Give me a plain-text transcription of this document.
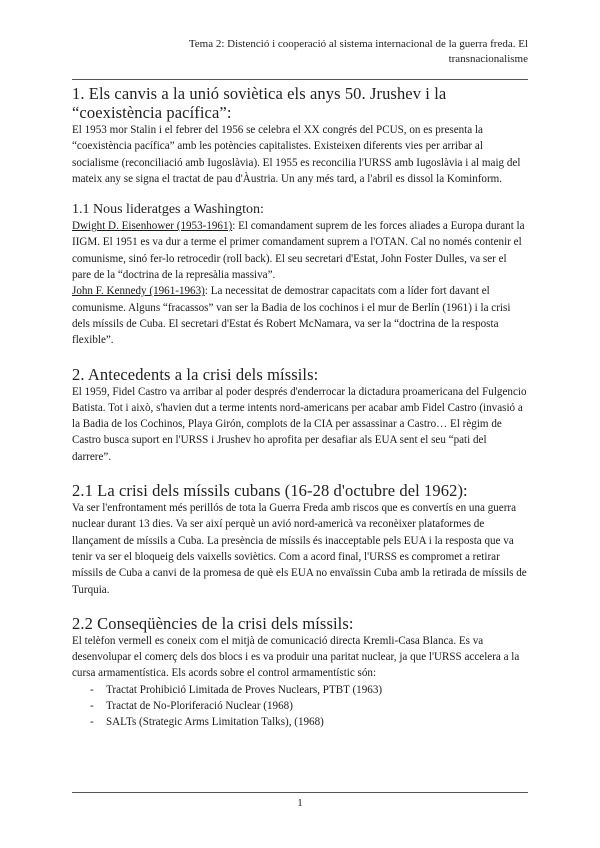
Tema 2: Distenció i cooperació al sistema internacional de la guerra freda. El transnacionalisme
1. Els canvis a la unió soviètica els anys 50. Jrushev i la “coexistència pacífica”:

El 1953 mor Stalin i el febrer del 1956 se celebra el XX congrés del PCUS, on es presenta la “coexistència pacífica” amb les potències capitalistes. Existeixen diferents vies per arribar al socialisme (reconciliació amb Iugoslàvia). El 1955 es reconcilia l'URSS amb Iugoslàvia i al maig del mateix any se signa el tractat de pau d'Àustria. Un any més tard, a l'abril es dissol la Kominform.

1.1 Nous lideratges a Washington:

Dwight D. Eisenhower (1953-1961): El comandament suprem de les forces aliades a Europa durant la IIGM. El 1951 es va dur a terme el primer comandament suprem a l'OTAN. Cal no només contenir el comunisme, sinó fer-lo retrocedir (roll back). El seu secretari d'Estat, John Foster Dulles, va ser el pare de la “doctrina de la represàlia massiva”.

John F. Kennedy (1961-1963): La necessitat de demostrar capacitats com a líder fort davant el comunisme. Alguns “fracassos” van ser la Badia de los cochinos i el mur de Berlín (1961) i la crisi dels míssils de Cuba. El secretari d'Estat és Robert McNamara, va ser la “doctrina de la resposta flexible”.

2. Antecedents a la crisi dels míssils:

El 1959, Fidel Castro va arribar al poder després d'enderrocar la dictadura proamericana del Fulgencio Batista. Tot i això, s'havien dut a terme intents nord-americans per acabar amb Fidel Castro (invasió a la Badia de los Cochinos, Playa Girón, complots de la CIA per assassinar a Castro… El règim de Castro busca suport en l'URSS i Jrushev ho aprofita per desafiar als EUA sent el seu “pati del darrere”.

2.1 La crisi dels míssils cubans (16-28 d'octubre del 1962):

Va ser l'enfrontament més perillós de tota la Guerra Freda amb riscos que es convertís en una guerra nuclear durant 13 dies. Va ser així perquè un avió nord-americà va reconèixer plataformes de llançament de míssils a Cuba. La presència de míssils és inacceptable pels EUA i la resposta que va tenir va ser el bloqueig dels vaixells soviètics. Com a acord final, l'URSS es compromet a retirar míssils de Cuba a canvi de la promesa de què els EUA no envaïssin Cuba amb la retirada de míssils de Turquia.

2.2 Conseqüències de la crisi dels míssils:

El telèfon vermell es coneix com el mitjà de comunicació directa Kremli-Casa Blanca. Es va desenvolupar el comerç dels dos blocs i es va produir una paritat nuclear, ja que l'URSS accelera a la cursa armamentística. Els acords sobre el control armamentístic són:

- Tractat Prohibició Limitada de Proves Nuclears, PTBT (1963)
- Tractat de No-Ploriferació Nuclear (1968)
- SALTs (Strategic Arms Limitation Talks), (1968)
1
